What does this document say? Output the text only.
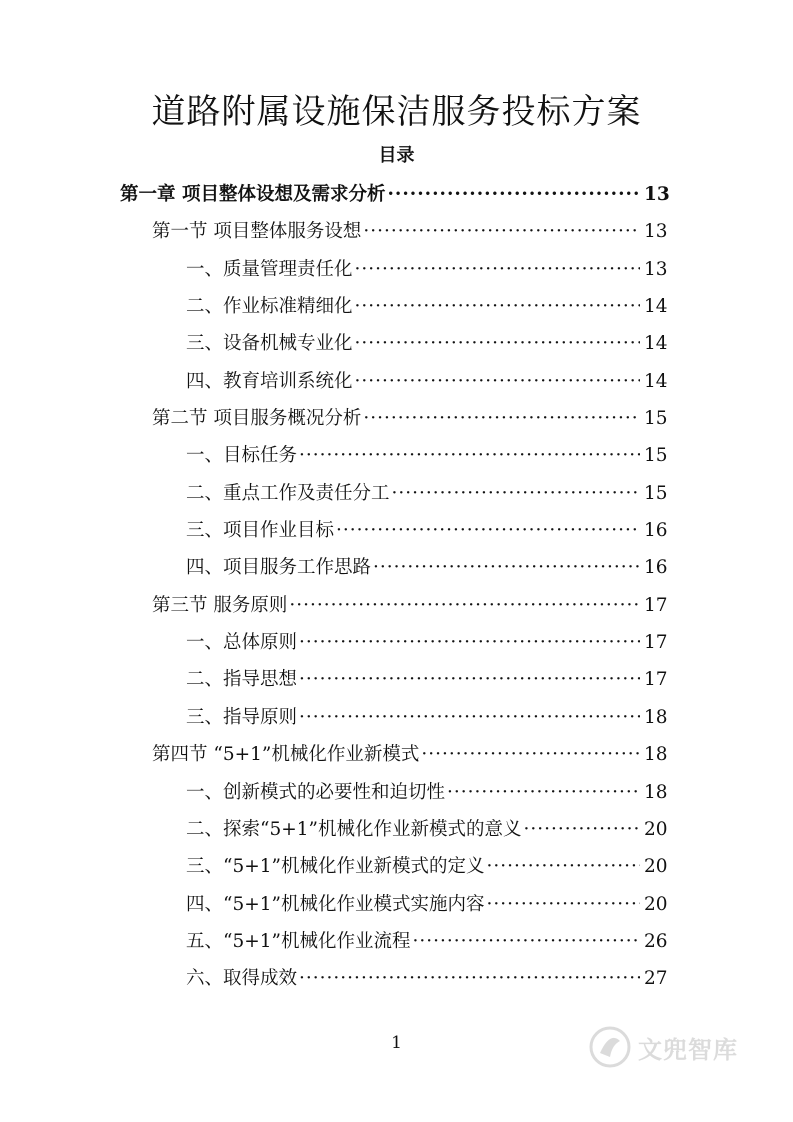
道路附属设施保洁服务投标方案
目录
第一章 项目整体设想及需求分析 ·····	13
第一节 项目整体服务设想 ·····	13
一、质量管理责任化 ·····	13
二、作业标准精细化 ·····	14
三、设备机械专业化 ·····	14
四、教育培训系统化 ·····	14
第二节 项目服务概况分析 ·····	15
一、目标任务 ·····	15
二、重点工作及责任分工 ·····	15
三、项目作业目标 ·····	16
四、项目服务工作思路 ·····	16
第三节 服务原则 ·····	17
一、总体原则 ·····	17
二、指导思想 ·····	17
三、指导原则 ·····	18
第四节 “5+1”机械化作业新模式 ·····	18
一、创新模式的必要性和迫切性 ·····	18
二、探索“5+1”机械化作业新模式的意义 ·····	20
三、“5+1”机械化作业新模式的定义 ·····	20
四、“5+1”机械化作业模式实施内容 ·····	20
五、“5+1”机械化作业流程 ·····	26
六、取得成效 ·····	27
1	文兜智库
